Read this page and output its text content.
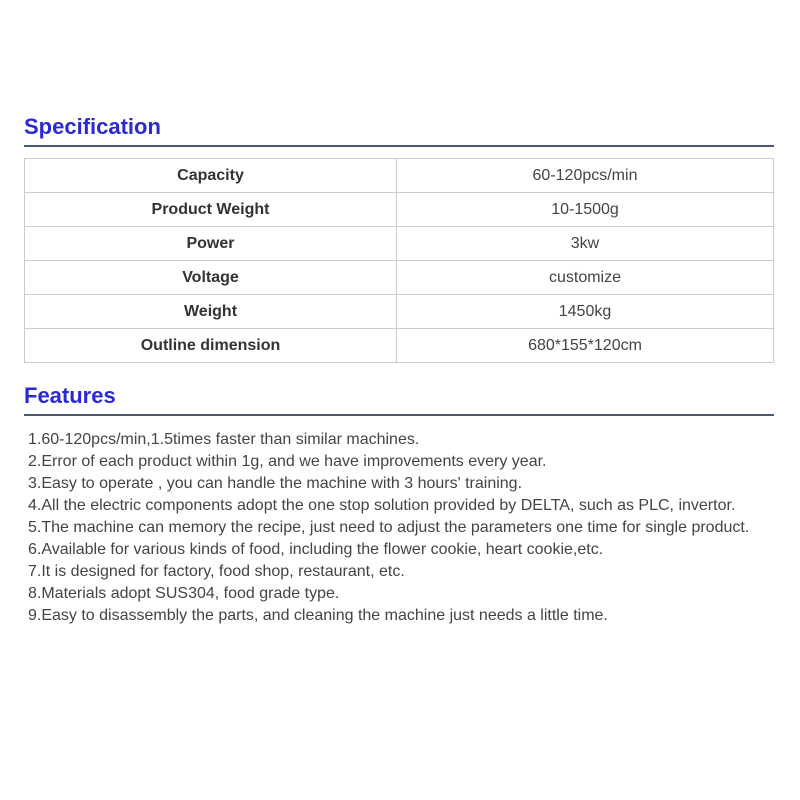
Specification
Capacity	60-120pcs/min
Product Weight	10-1500g
Power	3kw
Voltage	customize
Weight	1450kg
Outline dimension	680*155*120cm
Features
1.60-120pcs/min,1.5times faster than similar machines.
2.Error of each product within 1g, and we have improvements every year.
3.Easy to operate , you can handle the machine with 3 hours' training.
4.All the electric components adopt the one stop solution provided by DELTA, such as PLC, invertor.
5.The machine can memory the recipe, just need to adjust the parameters one time for single product.
6.Available for various kinds of food, including the flower cookie, heart cookie,etc.
7.It is designed for factory, food shop, restaurant, etc.
8.Materials adopt SUS304, food grade type.
9.Easy to disassembly the parts, and cleaning the machine just needs a little time.
